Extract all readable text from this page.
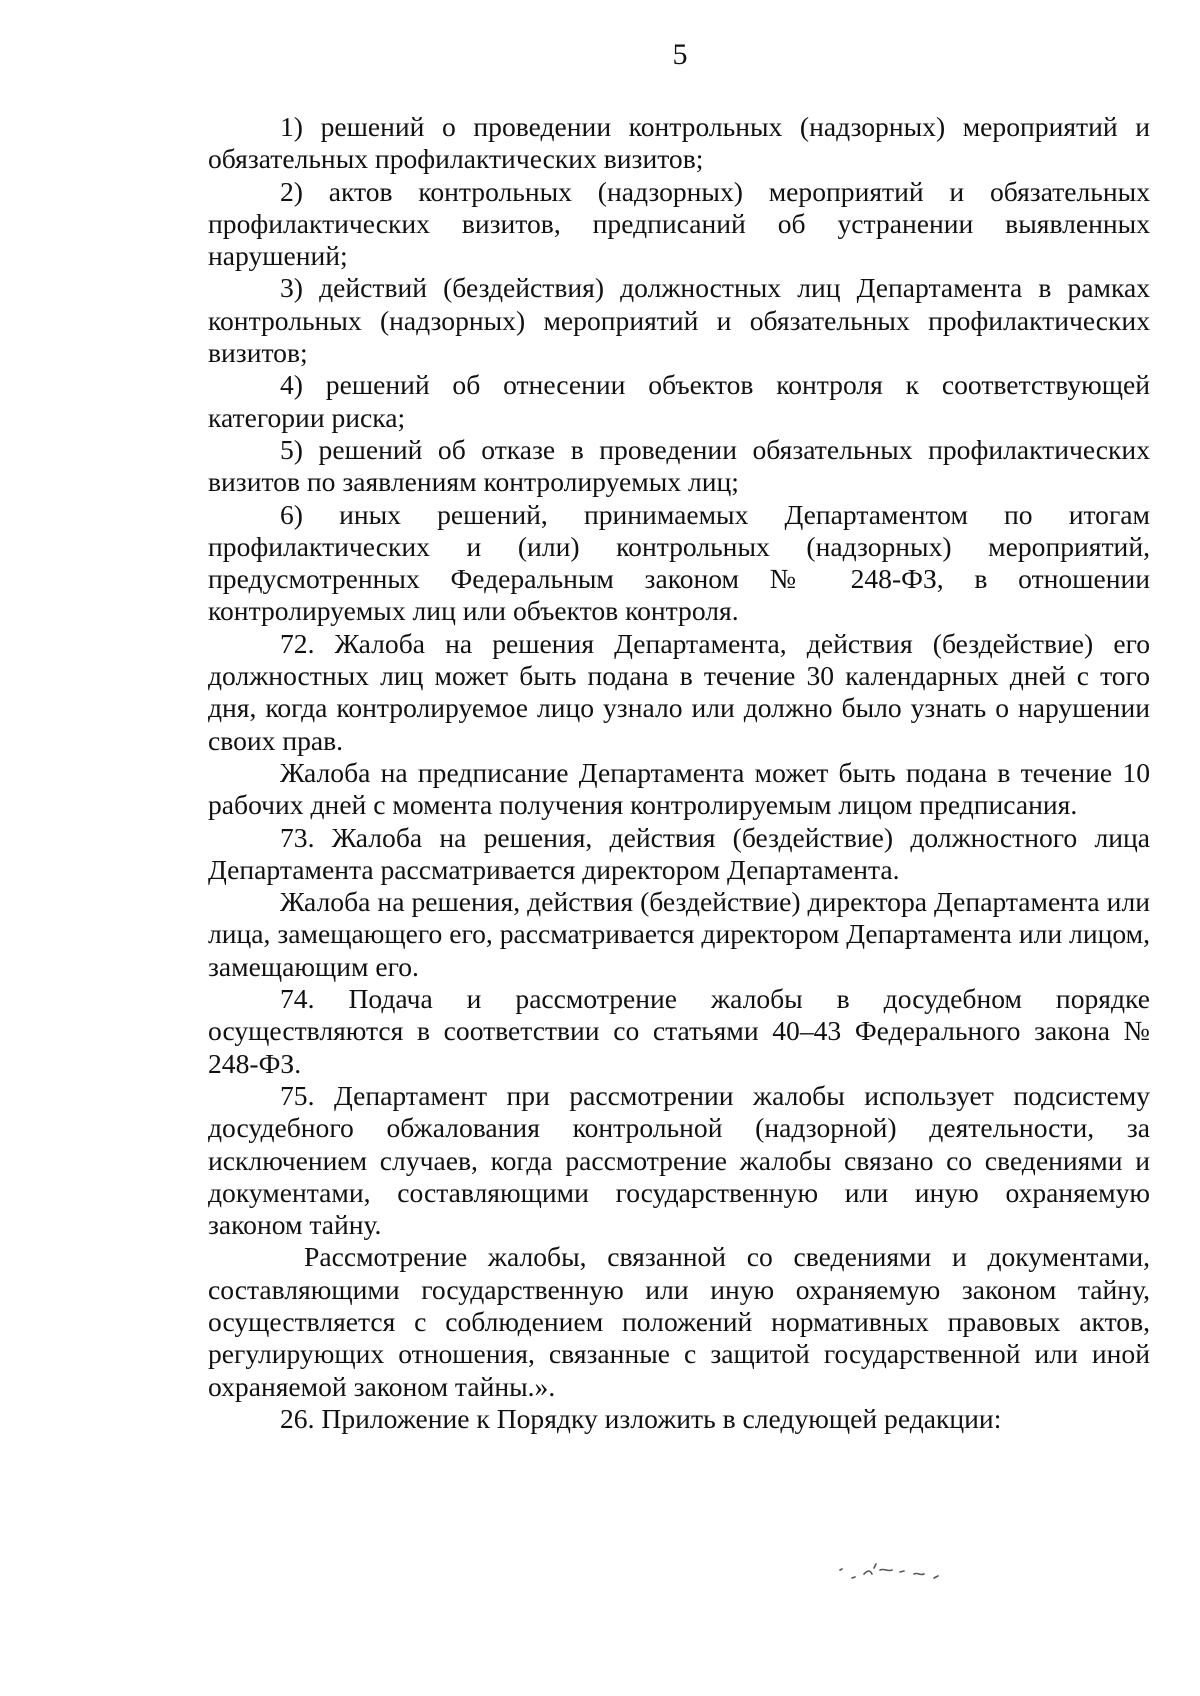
5

1) решений о проведении контрольных (надзорных) мероприятий и обязательных профилактических визитов;

2) актов контрольных (надзорных) мероприятий и обязательных профилактических визитов, предписаний об устранении выявленных нарушений;

3) действий (бездействия) должностных лиц Департамента в рамках контрольных (надзорных) мероприятий и обязательных профилактических визитов;

4) решений об отнесении объектов контроля к соответствующей категории риска;

5) решений об отказе в проведении обязательных профилактических визитов по заявлениям контролируемых лиц;

6) иных решений, принимаемых Департаментом по итогам профилактических и (или) контрольных (надзорных) мероприятий, предусмотренных Федеральным законом № 248-ФЗ, в отношении контролируемых лиц или объектов контроля.

72. Жалоба на решения Департамента, действия (бездействие) его должностных лиц может быть подана в течение 30 календарных дней с того дня, когда контролируемое лицо узнало или должно было узнать о нарушении своих прав.

Жалоба на предписание Департамента может быть подана в течение 10 рабочих дней с момента получения контролируемым лицом предписания.

73. Жалоба на решения, действия (бездействие) должностного лица Департамента рассматривается директором Департамента.

Жалоба на решения, действия (бездействие) директора Департамента или лица, замещающего его, рассматривается директором Департамента или лицом, замещающим его.

74. Подача и рассмотрение жалобы в досудебном порядке осуществляются в соответствии со статьями 40–43 Федерального закона № 248-ФЗ.

75. Департамент при рассмотрении жалобы использует подсистему досудебного обжалования контрольной (надзорной) деятельности, за исключением случаев, когда рассмотрение жалобы связано со сведениями и документами, составляющими государственную или иную охраняемую законом тайну.

Рассмотрение жалобы, связанной со сведениями и документами, составляющими государственную или иную охраняемую законом тайну, осуществляется с соблюдением положений нормативных правовых актов, регулирующих отношения, связанные с защитой государственной или иной охраняемой законом тайны.».

26. Приложение к Порядку изложить в следующей редакции:
